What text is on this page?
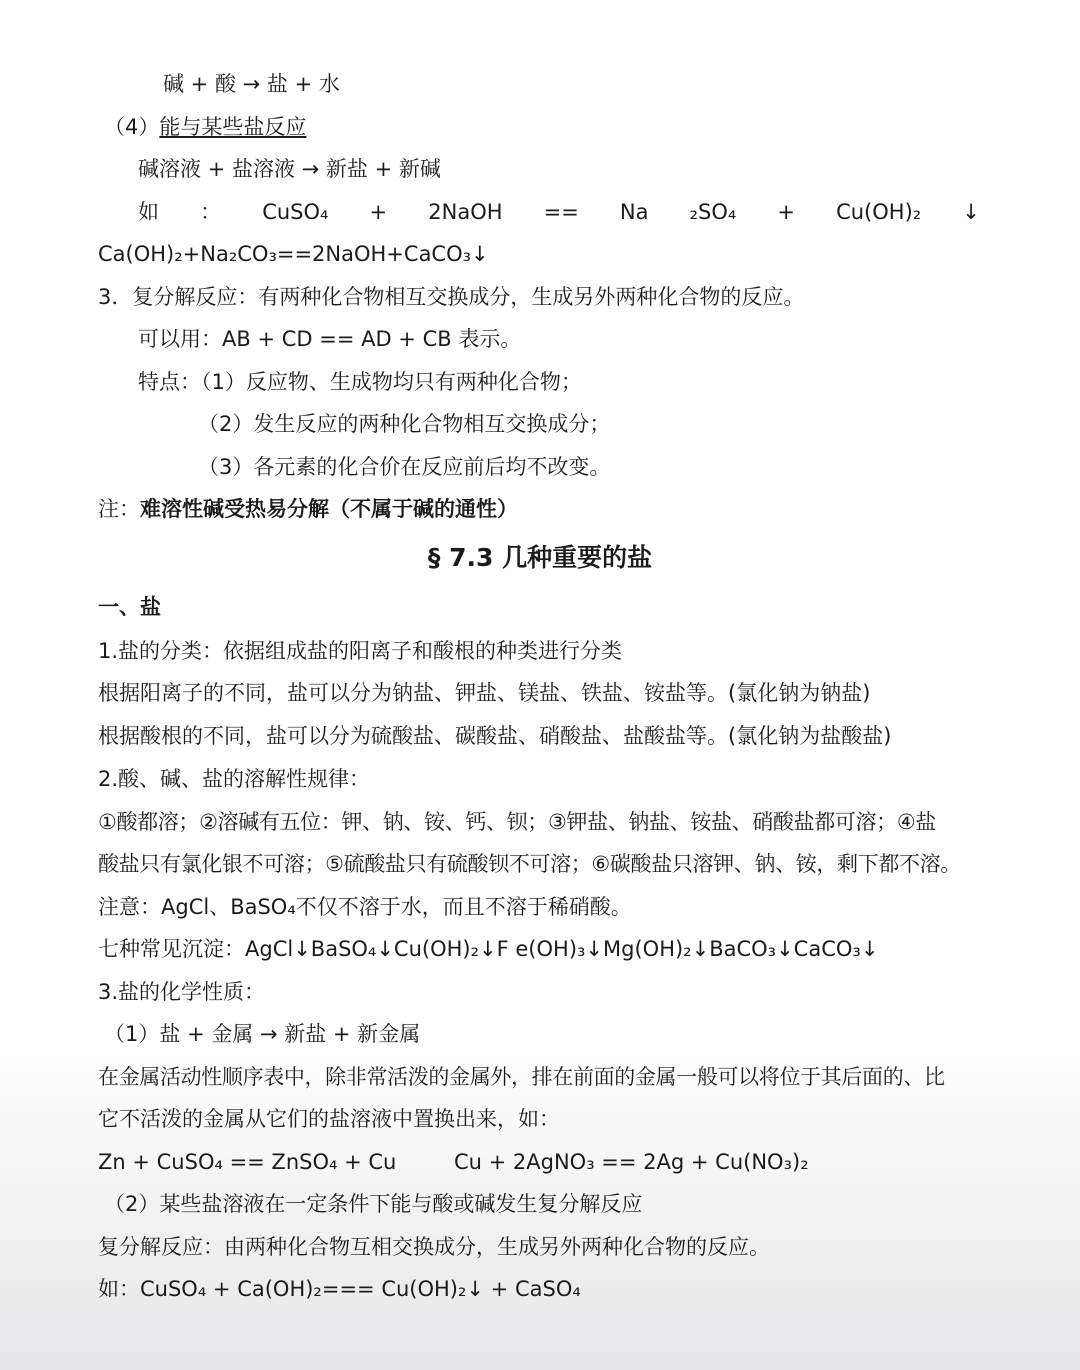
碱 + 酸 → 盐 + 水
（4）能与某些盐反应
碱溶液 + 盐溶液 → 新盐 + 新碱
如 ： CuSO₄ + 2NaOH == Na ₂SO₄ + Cu(OH)₂ ↓
Ca(OH)₂+Na₂CO₃==2NaOH+CaCO₃↓
3．复分解反应：有两种化合物相互交换成分，生成另外两种化合物的反应。
可以用：AB + CD == AD + CB 表示。
特点：（1）反应物、生成物均只有两种化合物；
（2）发生反应的两种化合物相互交换成分；
（3）各元素的化合价在反应前后均不改变。
注：难溶性碱受热易分解（不属于碱的通性）
§ 7.3 几种重要的盐
一、盐
1.盐的分类：依据组成盐的阳离子和酸根的种类进行分类
根据阳离子的不同，盐可以分为钠盐、钾盐、镁盐、铁盐、铵盐等。(氯化钠为钠盐)
根据酸根的不同，盐可以分为硫酸盐、碳酸盐、硝酸盐、盐酸盐等。(氯化钠为盐酸盐)
2.酸、碱、盐的溶解性规律：
①酸都溶；②溶碱有五位：钾、钠、铵、钙、钡；③钾盐、钠盐、铵盐、硝酸盐都可溶；④盐
酸盐只有氯化银不可溶；⑤硫酸盐只有硫酸钡不可溶；⑥碳酸盐只溶钾、钠、铵，剩下都不溶。
注意：AgCl、BaSO₄不仅不溶于水，而且不溶于稀硝酸。
七种常见沉淀：AgCl↓BaSO₄↓Cu(OH)₂↓F e(OH)₃↓Mg(OH)₂↓BaCO₃↓CaCO₃↓
3.盐的化学性质：
（1）盐 + 金属 → 新盐 + 新金属
在金属活动性顺序表中，除非常活泼的金属外，排在前面的金属一般可以将位于其后面的、比
它不活泼的金属从它们的盐溶液中置换出来，如：
Zn + CuSO₄ == ZnSO₄ + Cu	Cu + 2AgNO₃ == 2Ag + Cu(NO₃)₂
（2）某些盐溶液在一定条件下能与酸或碱发生复分解反应
复分解反应：由两种化合物互相交换成分，生成另外两种化合物的反应。
如：CuSO₄ + Ca(OH)₂=== Cu(OH)₂↓ + CaSO₄
